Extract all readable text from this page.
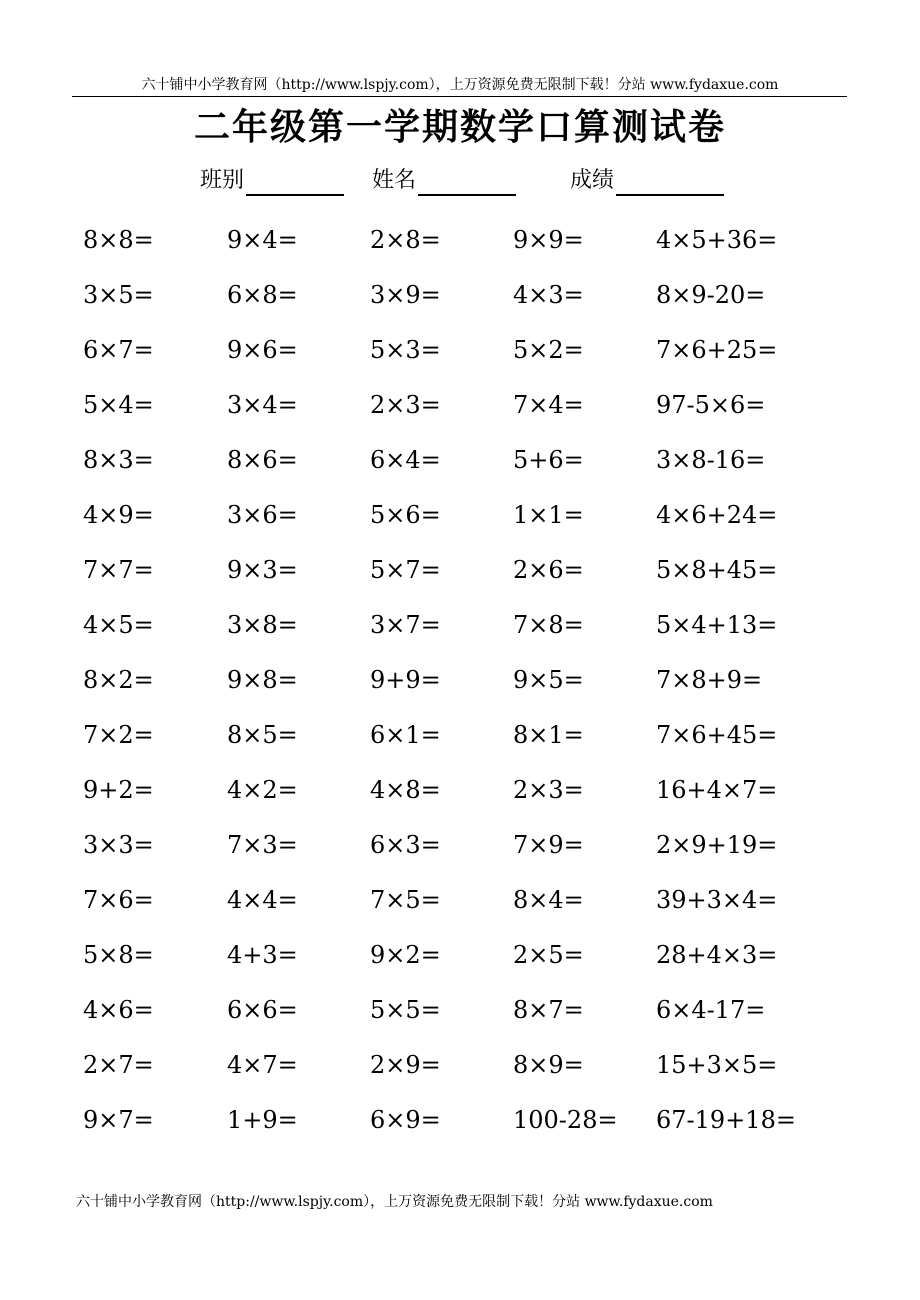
六十铺中小学教育网（http://www.lspjy.com），上万资源免费无限制下载！分站 www.fydaxue.com
二年级第一学期数学口算测试卷
班别	姓名	成绩
8×8=	9×4=	2×8=	9×9=	4×5+36=
3×5=	6×8=	3×9=	4×3=	8×9-20=
6×7=	9×6=	5×3=	5×2=	7×6+25=
5×4=	3×4=	2×3=	7×4=	97-5×6=
8×3=	8×6=	6×4=	5+6=	3×8-16=
4×9=	3×6=	5×6=	1×1=	4×6+24=
7×7=	9×3=	5×7=	2×6=	5×8+45=
4×5=	3×8=	3×7=	7×8=	5×4+13=
8×2=	9×8=	9+9=	9×5=	7×8+9=
7×2=	8×5=	6×1=	8×1=	7×6+45=
9+2=	4×2=	4×8=	2×3=	16+4×7=
3×3=	7×3=	6×3=	7×9=	2×9+19=
7×6=	4×4=	7×5=	8×4=	39+3×4=
5×8=	4+3=	9×2=	2×5=	28+4×3=
4×6=	6×6=	5×5=	8×7=	6×4-17=
2×7=	4×7=	2×9=	8×9=	15+3×5=
9×7=	1+9=	6×9=	100-28= 67-19+18=
六十铺中小学教育网（http://www.lspjy.com），上万资源免费无限制下载！分站 www.fydaxue.com
